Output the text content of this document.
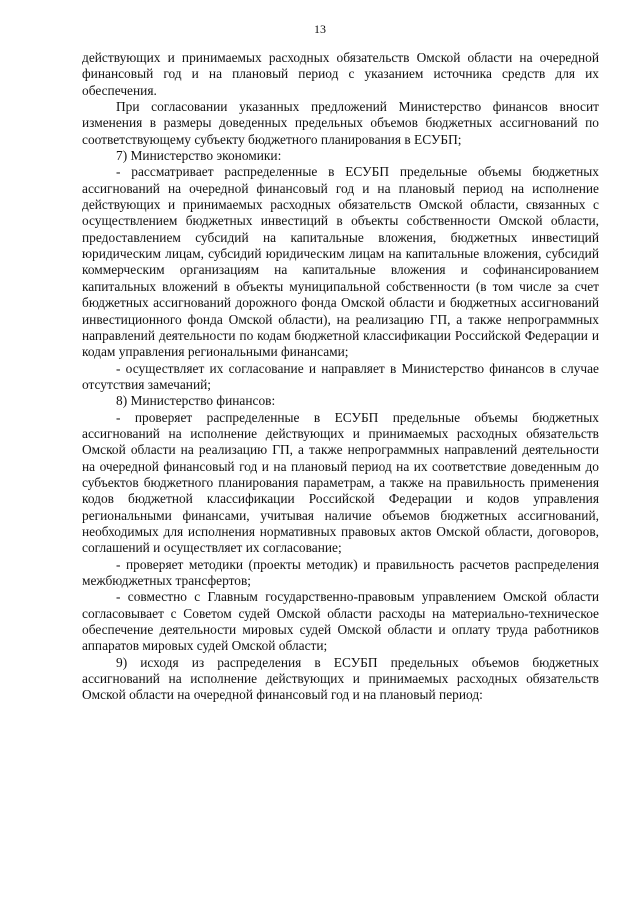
13

действующих и принимаемых расходных обязательств Омской области на очередной финансовый год и на плановый период с указанием источника средств для их обеспечения.

При согласовании указанных предложений Министерство финансов вносит изменения в размеры доведенных предельных объемов бюджетных ассигнований по соответствующему субъекту бюджетного планирования в ЕСУБП;

7) Министерство экономики:

- рассматривает распределенные в ЕСУБП предельные объемы бюджетных ассигнований на очередной финансовый год и на плановый период на исполнение действующих и принимаемых расходных обязательств Омской области, связанных с осуществлением бюджетных инвестиций в объекты собственности Омской области, предоставлением субсидий на капитальные вложения, бюджетных инвестиций юридическим лицам, субсидий юридическим лицам на капитальные вложения, субсидий коммерческим организациям на капитальные вложения и софинансированием капитальных вложений в объекты муниципальной собственности (в том числе за счет бюджетных ассигнований дорожного фонда Омской области и бюджетных ассигнований инвестиционного фонда Омской области), на реализацию ГП, а также непрограммных направлений деятельности по кодам бюджетной классификации Российской Федерации и кодам управления региональными финансами;

- осуществляет их согласование и направляет в Министерство финансов в случае отсутствия замечаний;

8) Министерство финансов:

- проверяет распределенные в ЕСУБП предельные объемы бюджетных ассигнований на исполнение действующих и принимаемых расходных обязательств Омской области на реализацию ГП, а также непрограммных направлений деятельности на очередной финансовый год и на плановый период на их соответствие доведенным до субъектов бюджетного планирования параметрам, а также на правильность применения кодов бюджетной классификации Российской Федерации и кодов управления региональными финансами, учитывая наличие объемов бюджетных ассигнований, необходимых для исполнения нормативных правовых актов Омской области, договоров, соглашений и осуществляет их согласование;

- проверяет методики (проекты методик) и правильность расчетов распределения межбюджетных трансфертов;

- совместно с Главным государственно-правовым управлением Омской области согласовывает с Советом судей Омской области расходы на материально-техническое обеспечение деятельности мировых судей Омской области и оплату труда работников аппаратов мировых судей Омской области;

9) исходя из распределения в ЕСУБП предельных объемов бюджетных ассигнований на исполнение действующих и принимаемых расходных обязательств Омской области на очередной финансовый год и на плановый период:
